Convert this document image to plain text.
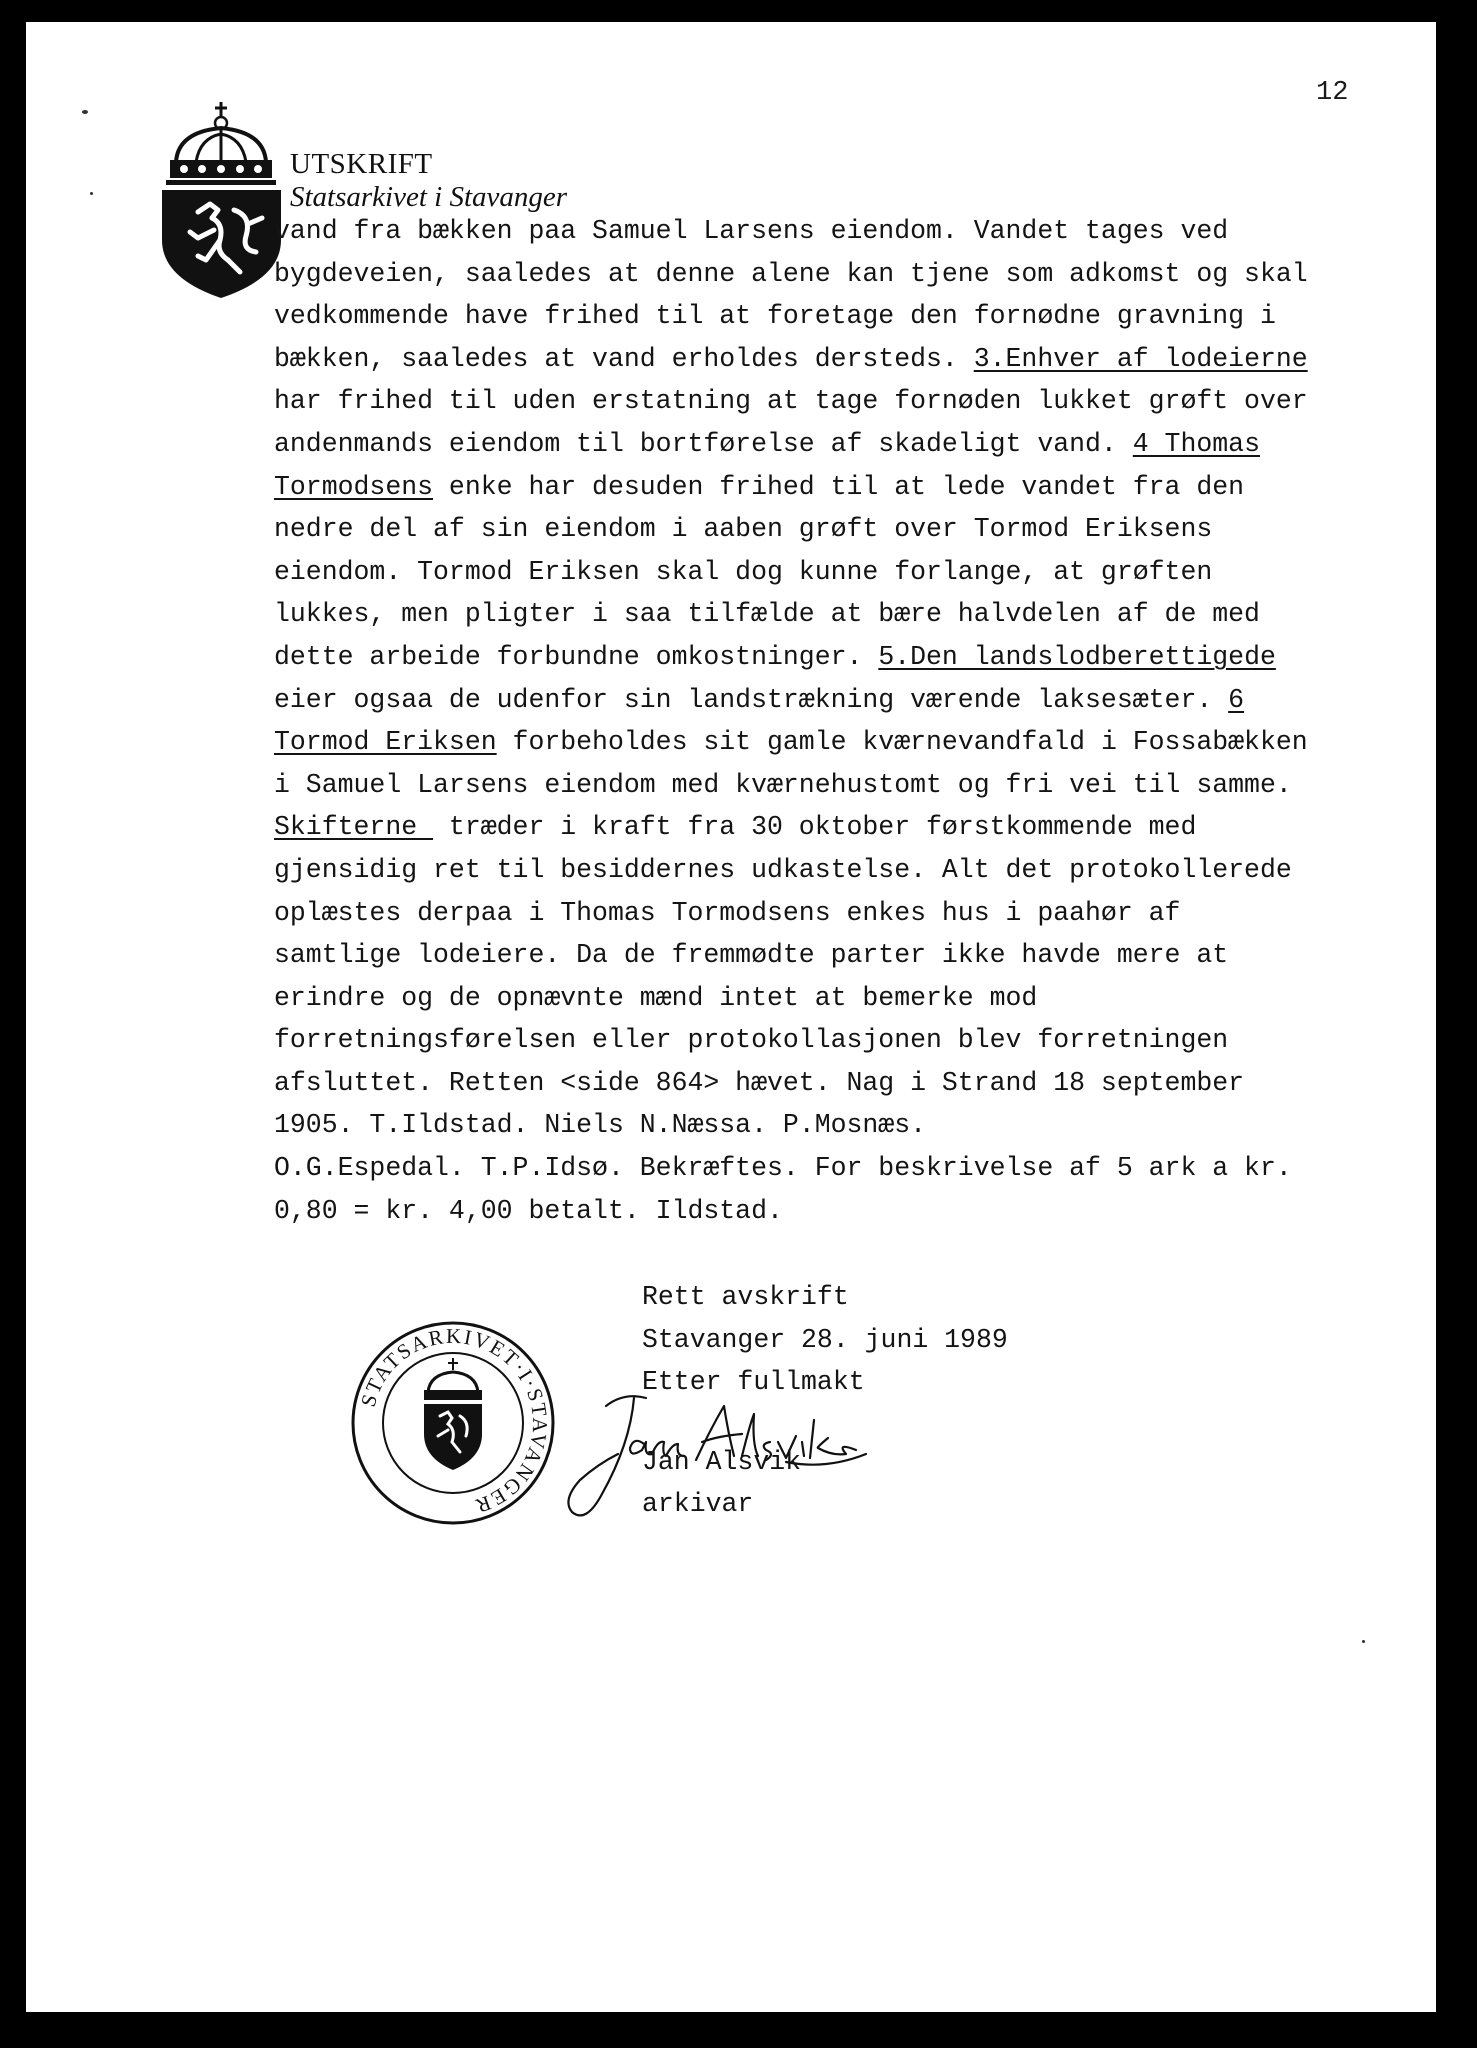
12
UTSKRIFT
Statsarkivet i Stavanger
vand fra bækken paa Samuel Larsens eiendom. Vandet tages ved
bygdeveien, saaledes at denne alene kan tjene som adkomst og skal
vedkommende have frihed til at foretage den fornødne gravning i
bækken, saaledes at vand erholdes dersteds. 3.Enhver af lodeierne
har frihed til uden erstatning at tage fornøden lukket grøft over
andenmands eiendom til bortførelse af skadeligt vand. 4 Thomas
Tormodsens enke har desuden frihed til at lede vandet fra den
nedre del af sin eiendom i aaben grøft over Tormod Eriksens
eiendom. Tormod Eriksen skal dog kunne forlange, at grøften
lukkes, men pligter i saa tilfælde at bære halvdelen af de med
dette arbeide forbundne omkostninger. 5.Den landslodberettigede
eier ogsaa de udenfor sin landstrækning værende laksesæter. 6
Tormod Eriksen forbeholdes sit gamle kværnevandfald i Fossabækken
i Samuel Larsens eiendom med kværnehustomt og fri vei til samme.
Skifterne  træder i kraft fra 30 oktober førstkommende med
gjensidig ret til besiddernes udkastelse. Alt det protokollerede
oplæstes derpaa i Thomas Tormodsens enkes hus i paahør af
samtlige lodeiere. Da de fremmødte parter ikke havde mere at
erindre og de opnævnte mænd intet at bemerke mod
forretningsførelsen eller protokollasjonen blev forretningen
afsluttet. Retten <side 864> hævet. Nag i Strand 18 september
1905. T.Ildstad. Niels N.Næssa. P.Mosnæs.
O.G.Espedal. T.P.Idsø. Bekræftes. For beskrivelse af 5 ark a kr.
0,80 = kr. 4,00 betalt. Ildstad.
STATSARKIVET·I·STAVANGER
Rett avskrift
Stavanger 28. juni 1989
Etter fullmakt
Jan Alsvik
arkivar
